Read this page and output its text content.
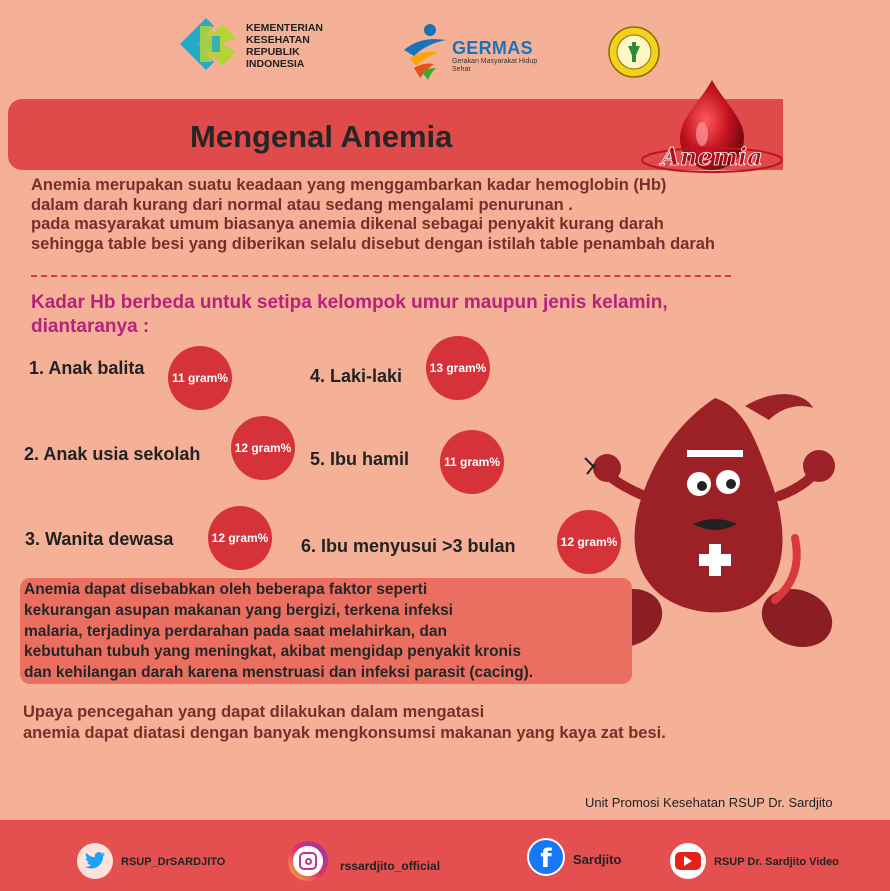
KEMENTERIAN
KESEHATAN
REPUBLIK
INDONESIA
GERMAS
Gerakan Masyarakat Hidup Sehat
Mengenal Anemia
Anemia

Anemia merupakan suatu keadaan yang menggambarkan kadar hemoglobin (Hb)

dalam darah kurang dari normal atau sedang mengalami penurunan .

pada masyarakat umum biasanya anemia dikenal sebagai penyakit kurang darah

sehingga table besi yang diberikan selalu disebut dengan istilah table penambah darah

Kadar Hb berbeda untuk setipa kelompok umur maupun jenis kelamin,

diantaranya :

1. Anak balita	11 gram%
2. Anak usia sekolah	12 gram%
3. Wanita dewasa	12 gram%
4. Laki-laki	13 gram%
5. Ibu hamil	11 gram%
6. Ibu menyusui >3 bulan	12 gram%

Anemia dapat disebabkan oleh beberapa faktor seperti

kekurangan asupan makanan yang bergizi, terkena infeksi

malaria, terjadinya perdarahan pada saat melahirkan, dan

kebutuhan tubuh yang meningkat, akibat mengidap penyakit kronis

dan kehilangan darah karena menstruasi dan infeksi parasit (cacing).

Upaya pencegahan yang dapat dilakukan dalam mengatasi

anemia dapat diatasi dengan banyak mengkonsumsi makanan yang kaya zat besi.

Unit Promosi Kesehatan RSUP Dr. Sardjito
RSUP_DrSARDJITO	rssardjito_official	f	Sardjito	RSUP Dr. Sardjito Video
